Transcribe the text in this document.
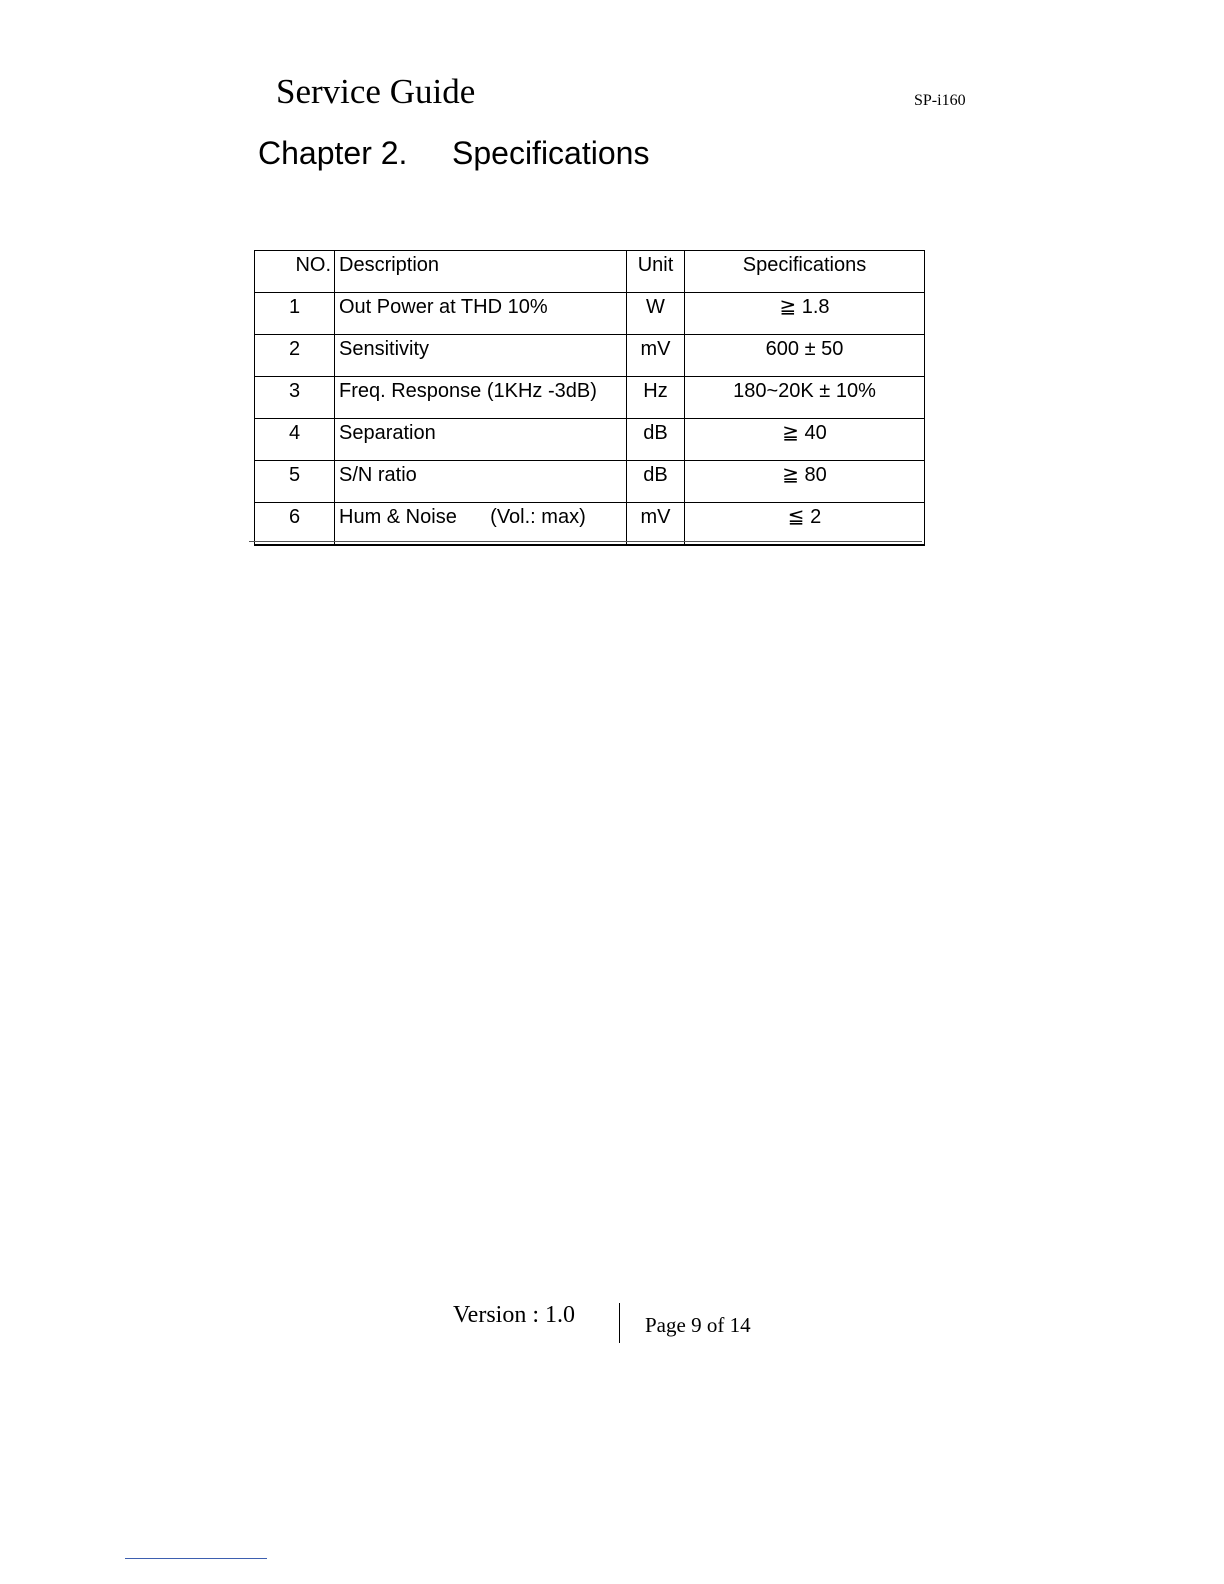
Service Guide	SP-i160
Chapter 2. Specifications
NO.	Description	Unit	Specifications
1	Out Power at THD 10%	W	≧ 1.8
2	Sensitivity	mV	600 ± 50
3	Freq. Response (1KHz -3dB)	Hz	180~20K ± 10%
4	Separation	dB	≧ 40
5	S/N ratio	dB	≧ 80
6	Hum & Noise      (Vol.: max)	mV	≦ 2
Version : 1.0	Page 9 of 14
